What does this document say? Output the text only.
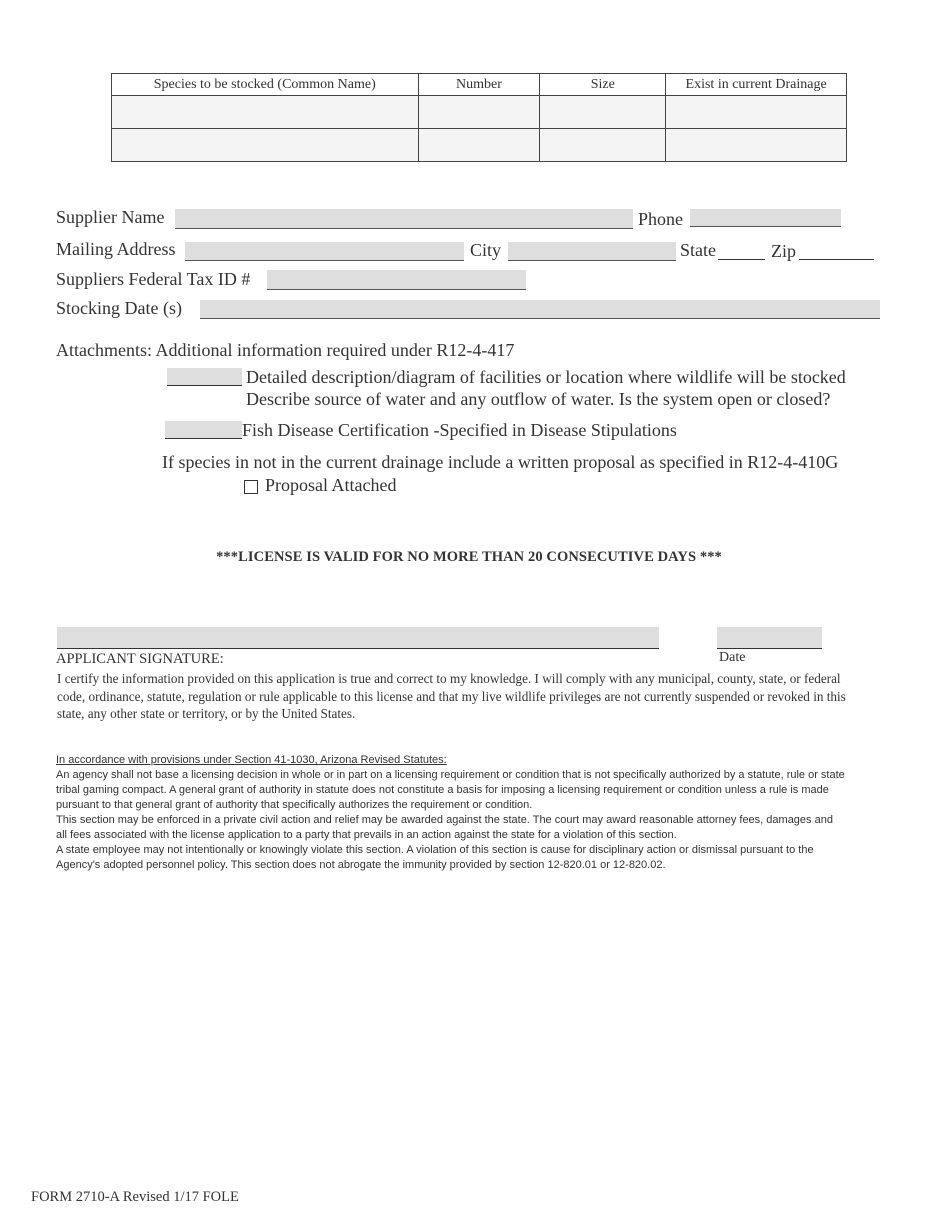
Species to be stocked (Common Name)	Number	Size	Exist in current Drainage

Supplier Name	Phone
Mailing Address	City	State	Zip
Suppliers Federal Tax ID #
Stocking Date (s)
Attachments: Additional information required under R12-4-417
Detailed description/diagram of facilities or location where wildlife will be stocked
Describe source of water and any outflow of water. Is the system open or closed?
Fish Disease Certification -Specified in Disease Stipulations
If species in not in the current drainage include a written proposal as specified in R12-4-410G
Proposal Attached
***LICENSE IS VALID FOR NO MORE THAN 20 CONSECUTIVE DAYS ***
APPLICANT SIGNATURE:	Date
I certify the information provided on this application is true and correct to my knowledge. I will comply with any municipal, county, state, or federal code, ordinance, statute, regulation or rule applicable to this license and that my live wildlife privileges are not currently suspended or revoked in this state, any other state or territory, or by the United States.
In accordance with provisions under Section 41-1030, Arizona Revised Statutes:
An agency shall not base a licensing decision in whole or in part on a licensing requirement or condition that is not specifically authorized by a statute, rule or state tribal gaming compact. A general grant of authority in statute does not constitute a basis for imposing a licensing requirement or condition unless a rule is made pursuant to that general grant of authority that specifically authorizes the requirement or condition.
This section may be enforced in a private civil action and relief may be awarded against the state. The court may award reasonable attorney fees, damages and all fees associated with the license application to a party that prevails in an action against the state for a violation of this section.
A state employee may not intentionally or knowingly violate this section. A violation of this section is cause for disciplinary action or dismissal pursuant to the Agency's adopted personnel policy. This section does not abrogate the immunity provided by section 12-820.01 or 12-820.02.
FORM 2710-A Revised 1/17 FOLE
